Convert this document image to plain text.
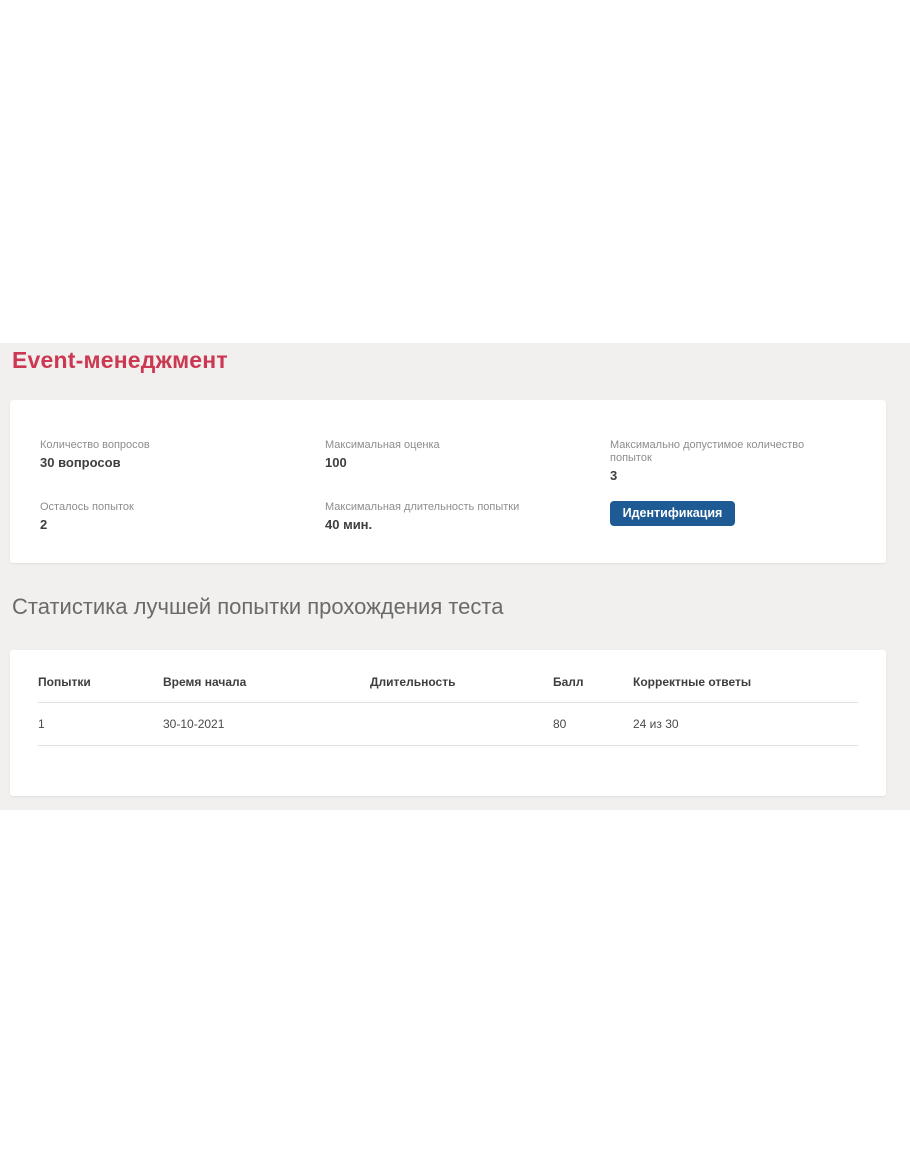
Event-менеджмент
Количество вопросов
30 вопросов
Максимальная оценка
100
Максимально допустимое количество попыток
3
Осталось попыток
2
Максимальная длительность попытки
40 мин.
Идентификация
Статистика лучшей попытки прохождения теста
Попытки	Время начала	Длительность	Балл	Корректные ответы
1	30-10-2021		80	24 из 30
